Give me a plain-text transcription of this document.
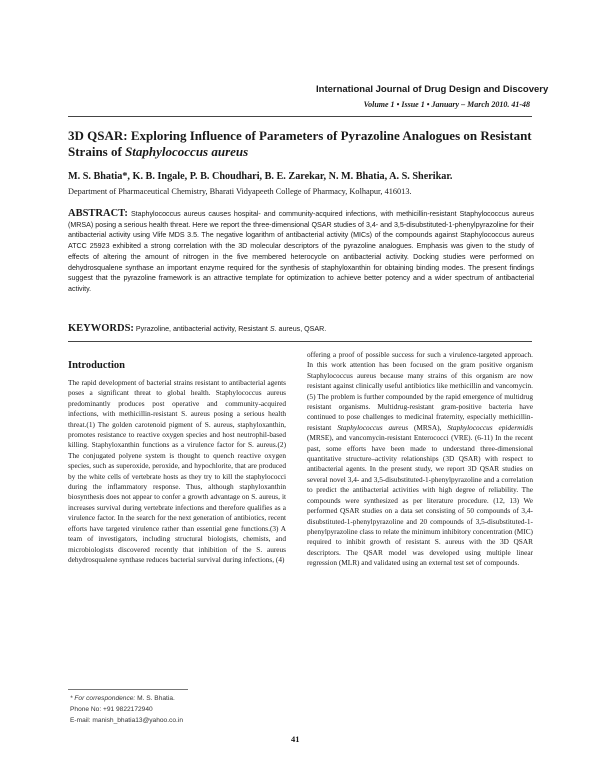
International Journal of Drug Design and Discovery
Volume 1 • Issue 1 • January – March 2010. 41-48
3D QSAR: Exploring Influence of Parameters of Pyrazoline Analogues on Resistant Strains of Staphylococcus aureus
M. S. Bhatia*, K. B. Ingale, P. B. Choudhari, B. E. Zarekar, N. M. Bhatia, A. S. Sherikar.
Department of Pharmaceutical Chemistry, Bharati Vidyapeeth College of Pharmacy, Kolhapur, 416013.
ABSTRACT: Staphylococcus aureus causes hospital- and community-acquired infections, with methicillin-resistant Staphylococcus aureus (MRSA) posing a serious health threat. Here we report the three-dimensional QSAR studies of 3,4- and 3,5-disubstituted-1-phenylpyrazoline for their antibacterial activity using Vlife MDS 3.5. The negative logarithm of antibacterial activity (MICs) of the compounds against Staphylococcus aureus ATCC 25923 exhibited a strong correlation with the 3D molecular descriptors of the pyrazoline analogues. Emphasis was given to the study of effects of altering the amount of nitrogen in the five membered heterocycle on antibacterial activity. Docking studies were performed on dehydrosqualene synthase an important enzyme required for the synthesis of staphyloxanthin for obtaining binding modes. The present findings suggest that the pyrazoline framework is an attractive template for optimization to achieve better potency and a wider spectrum of antibacterial activity.
KEYWORDS: Pyrazoline, antibacterial activity, Resistant S. aureus, QSAR.
Introduction
The rapid development of bacterial strains resistant to antibacterial agents poses a significant threat to global health. Staphylococcus aureus predominantly produces post operative and community-acquired infections, with methicillin-resistant S. aureus posing a serious health threat.(1) The golden carotenoid pigment of S. aureus, staphyloxanthin, promotes resistance to reactive oxygen species and host neutrophil-based killing. Staphyloxanthin functions as a virulence factor for S. aureus.(2) The conjugated polyene system is thought to quench reactive oxygen species, such as superoxide, peroxide, and hypochlorite, that are produced by the white cells of vertebrate hosts as they try to kill the staphylococci during the inflammatory response. Thus, although staphyloxanthin biosynthesis does not appear to confer a growth advantage on S. aureus, it increases survival during vertebrate infections and therefore qualifies as a virulence factor. In the search for the next generation of antibiotics, recent efforts have targeted virulence rather than essential gene functions.(3) A team of investigators, including structural biologists, chemists, and microbiologists discovered recently that inhibition of the S. aureus dehydrosqualene synthase reduces bacterial survival during infections, (4)
offering a proof of possible success for such a virulence-targeted approach. In this work attention has been focused on the gram positive organism Staphylococcus aureus because many strains of this organism are now resistant against clinically useful antibiotics like methicillin and vancomycin.(5) The problem is further compounded by the rapid emergence of multidrug resistant organisms. Multidrug-resistant gram-positive bacteria have continued to pose challenges to medicinal fraternity, especially methicillin-resistant Staphylococcus aureus (MRSA), Staphylococcus epidermidis (MRSE), and vancomycin-resistant Enterococci (VRE). (6-11) In the recent past, some efforts have been made to understand three-dimensional quantitative structure–activity relationships (3D QSAR) with respect to antibacterial agents. In the present study, we report 3D QSAR studies on several novel 3,4- and 3,5-disubstituted-1-phenylpyrazoline and a correlation to predict the antibacterial activities with high degree of reliability. The compounds were synthesized as per literature procedure. (12, 13) We performed QSAR studies on a data set consisting of 50 compounds of 3,4-disubstituted-1-phenylpyrazoline and 20 compounds of 3,5-disubstituted-1-phenylpyrazoline class to relate the minimum inhibitory concentration (MIC) required to inhibit growth of resistant S. aureus with the 3D QSAR descriptors. The QSAR model was developed using multiple linear regression (MLR) and validated using an external test set of compounds.
* For correspondence: M. S. Bhatia.
Phone No: +91 9822172940
E-mail: manish_bhatia13@yahoo.co.in
41
